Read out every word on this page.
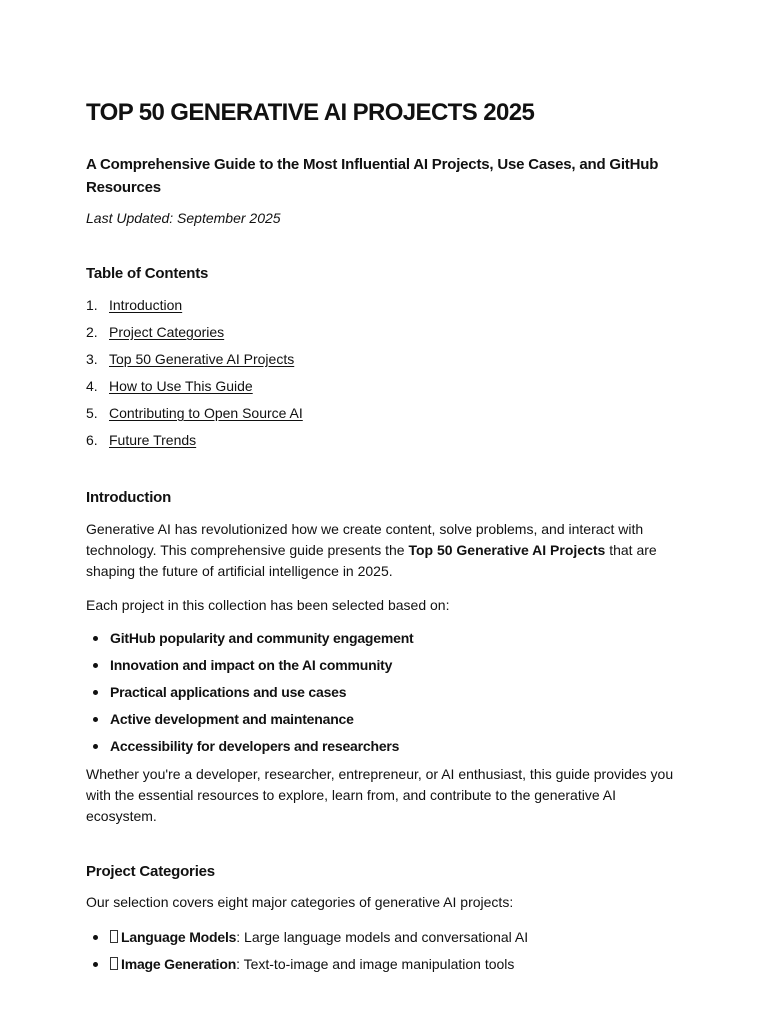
TOP 50 GENERATIVE AI PROJECTS 2025

A Comprehensive Guide to the Most Influential AI Projects, Use Cases, and GitHub Resources

Last Updated: September 2025

Table of Contents
1. Introduction
2. Project Categories
3. Top 50 Generative AI Projects
4. How to Use This Guide
5. Contributing to Open Source AI
6. Future Trends
Introduction

Generative AI has revolutionized how we create content, solve problems, and interact with technology. This comprehensive guide presents the Top 50 Generative AI Projects that are shaping the future of artificial intelligence in 2025.

Each project in this collection has been selected based on:

GitHub popularity and community engagement
Innovation and impact on the AI community
Practical applications and use cases
Active development and maintenance
Accessibility for developers and researchers

Whether you're a developer, researcher, entrepreneur, or AI enthusiast, this guide provides you with the essential resources to explore, learn from, and contribute to the generative AI ecosystem.

Project Categories

Our selection covers eight major categories of generative AI projects:

Language Models: Large language models and conversational AI
Image Generation: Text-to-image and image manipulation tools
